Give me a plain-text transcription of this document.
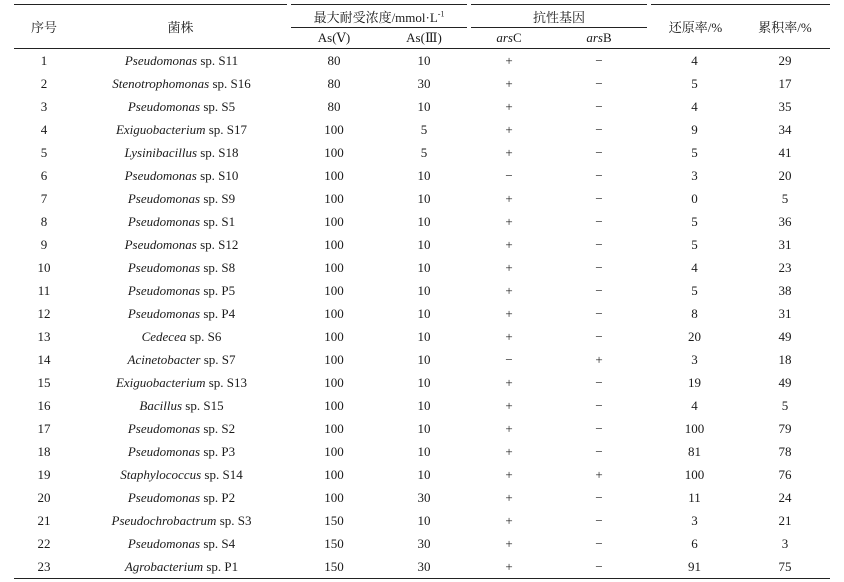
序号	菌株	最大耐受浓度$/mmol\cdot L^{-1}$		抗性基因		还原率/%	累积率/%
		As(Ⅴ)	As(Ⅲ)	arsC	arsB		
1	Pseudomonas sp. S11	80	10	+	−	4	29
2	Stenotrophomonas sp. S16	80	30	+	−	5	17
3	Pseudomonas sp. S5	80	10	+	−	4	35
4	Exiguobacterium sp. S17	100	5	+	−	9	34
5	Lysinibacillus sp. S18	100	5	+	−	5	41
6	Pseudomonas sp. S10	100	10	−	−	3	20
7	Pseudomonas sp. S9	100	10	+	−	0	5
8	Pseudomonas sp. S1	100	10	+	−	5	36
9	Pseudomonas sp. S12	100	10	+	−	5	31
10	Pseudomonas sp. S8	100	10	+	−	4	23
11	Pseudomonas sp. P5	100	10	+	−	5	38
12	Pseudomonas sp. P4	100	10	+	−	8	31
13	Cedecea sp. S6	100	10	+	−	20	49
14	Acinetobacter sp. S7	100	10	−	+	3	18
15	Exiguobacterium sp. S13	100	10	+	−	19	49
16	Bacillus sp. S15	100	10	+	−	4	5
17	Pseudomonas sp. S2	100	10	+	−	100	79
18	Pseudomonas sp. P3	100	10	+	−	81	78
19	Staphylococcus sp. S14	100	10	+	+	100	76
20	Pseudomonas sp. P2	100	30	+	−	11	24
21	Pseudochrobactrum sp. S3	150	10	+	−	3	21
22	Pseudomonas sp. S4	150	30	+	−	6	3
23	Agrobacterium sp. P1	150	30	+	−	91	75
